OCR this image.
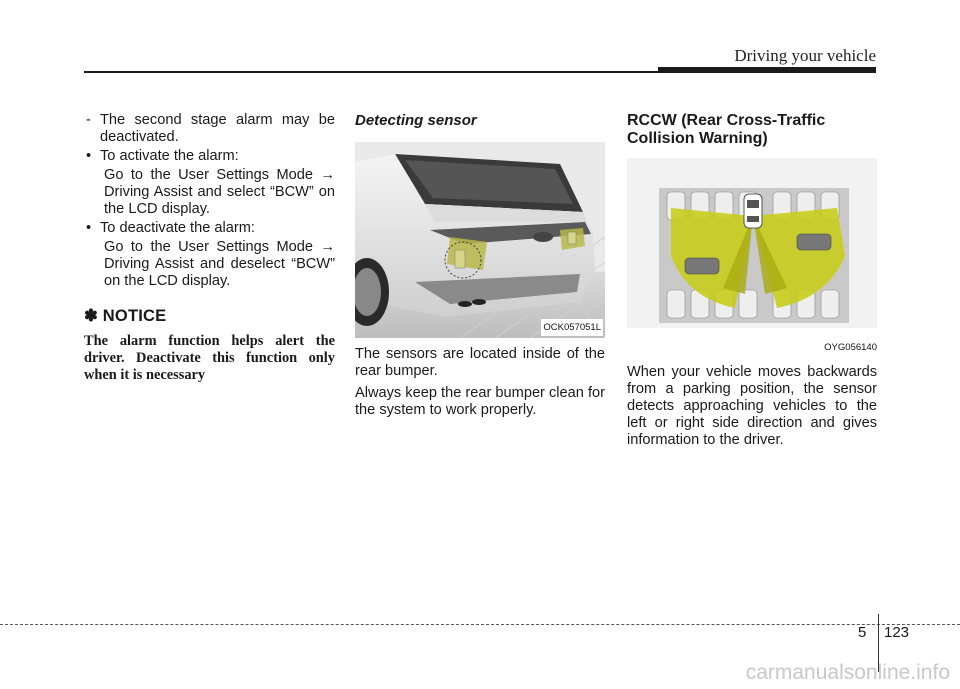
Driving your vehicle
- The second stage alarm may be deactivated.
• To activate the alarm:
Go to the User Settings Mode → Driving Assist and select “BCW” on the LCD display.
• To deactivate the alarm:
Go to the User Settings Mode → Driving Assist and deselect “BCW” on the LCD display.
✽ NOTICE
The alarm function helps alert the driver. Deactivate this function only when it is necessary
Detecting sensor
OCK057051L
The sensors are located inside of the rear bumper.
Always keep the rear bumper clean for the system to work properly.
RCCW (Rear Cross-Traffic Collision Warning)
OYG056140
When your vehicle moves backwards from a parking position, the sensor detects approaching vehicles to the left or right side direction and gives information to the driver.
5 123
carmanualsonline.info
